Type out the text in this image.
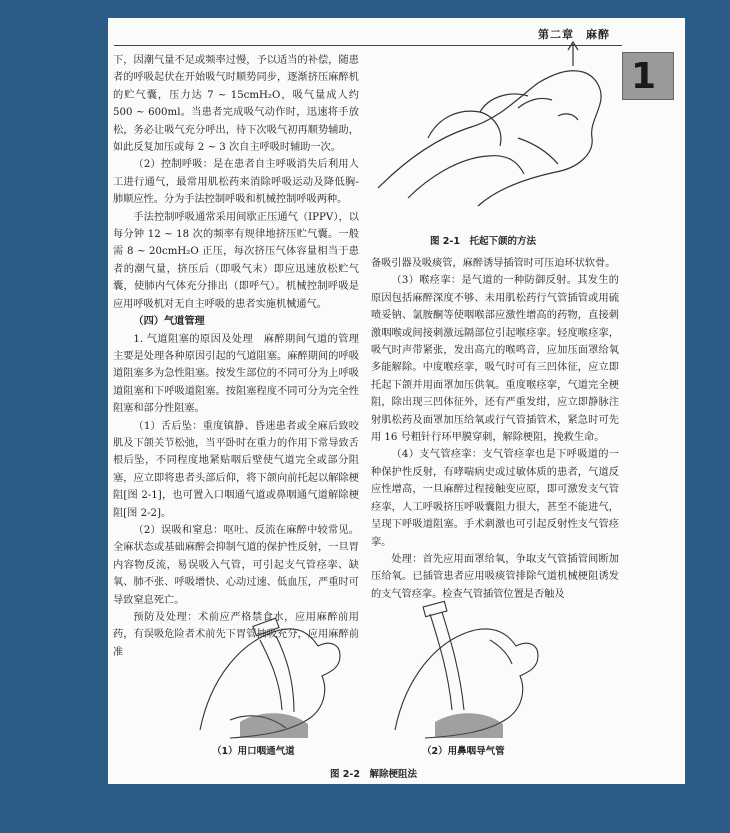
第二章　麻醉
1

下，因潮气量不足或频率过慢，予以适当的补偿，随患者的呼吸起伏在开始吸气时顺势同步，逐渐挤压麻醉机的贮气囊，压力达 7 ~ 15cmH₂O，吸气量成人约 500 ~ 600ml。当患者完成吸气动作时，迅速将手放松，务必让吸气充分呼出，待下次吸气初再顺势辅助，如此反复加压或每 2 ~ 3 次自主呼吸时辅助一次。

（2）控制呼吸：是在患者自主呼吸消失后利用人工进行通气，最常用肌松药来消除呼吸运动及降低胸-肺顺应性。分为手法控制呼吸和机械控制呼吸两种。

手法控制呼吸通常采用间歇正压通气（IPPV），以每分钟 12 ~ 18 次的频率有规律地挤压贮气囊。一般需 8 ~ 20cmH₂O 正压，每次挤压气体容量相当于患者的潮气量，挤压后（即吸气末）即应迅速放松贮气囊，使肺内气体充分排出（即呼气）。机械控制呼吸是应用呼吸机对无自主呼吸的患者实施机械通气。

（四）气道管理

1. 气道阻塞的原因及处理　麻醉期间气道的管理主要是处理各种原因引起的气道阻塞。麻醉期间的呼吸道阻塞多为急性阻塞。按发生部位的不同可分为上呼吸道阻塞和下呼吸道阻塞。按阻塞程度不同可分为完全性阻塞和部分性阻塞。

（1）舌后坠：重度镇静、昏迷患者或全麻后致咬肌及下颌关节松弛，当平卧时在重力的作用下常导致舌根后坠，不同程度地紧贴咽后壁使气道完全或部分阻塞，应立即将患者头部后仰，将下颌向前托起以解除梗阻[图 2-1]，也可置入口咽通气道或鼻咽通气道解除梗阻[图 2-2]。

（2）误吸和窒息：呕吐、反流在麻醉中较常见。全麻状态或基础麻醉会抑制气道的保护性反射，一旦胃内容物反流，易误吸入气管，可引起支气管痉挛、缺氧、肺不张、呼吸增快、心动过速、低血压，严重时可导致窒息死亡。

预防及处理：术前应严格禁食水，应用麻醉前用药，有误吸危险者术前先下胃管抽吸充分，应用麻醉前准

图 2-1　托起下颌的方法

备吸引器及吸痰管，麻醉诱导插管时可压迫环状软骨。

（3）喉痉挛：是气道的一种防御反射。其发生的原因包括麻醉深度不够、未用肌松药行气管插管或用硫喷妥钠、氯胺酮等使咽喉部应激性增高的药物，直接刺激咽喉或间接刺激远隔部位引起喉痉挛。轻度喉痉挛，吸气时声带紧张，发出高亢的喉鸣音，应加压面罩给氧多能解除。中度喉痉挛，吸气时可有三凹体征，应立即托起下颌并用面罩加压供氧。重度喉痉挛，气道完全梗阻，除出现三凹体征外，还有严重发绀，应立即静脉注射肌松药及面罩加压给氧或行气管插管术，紧急时可先用 16 号粗针行环甲膜穿刺，解除梗阻，挽救生命。

（4）支气管痉挛：支气管痉挛也是下呼吸道的一种保护性反射，有哮喘病史或过敏体质的患者，气道反应性增高，一旦麻醉过程接触变应原，即可激发支气管痉挛，人工呼吸挤压呼吸囊阻力很大，甚至不能进气，呈现下呼吸道阻塞。手术刺激也可引起反射性支气管痉挛。

处理：首先应用面罩给氧，争取支气管插管间断加压给氧。已插管患者应用吸痰管排除气道机械梗阻诱发的支气管痉挛。检查气管插管位置是否触及

（1）用口咽通气道	（2）用鼻咽导气管
图 2-2　解除梗阻法
